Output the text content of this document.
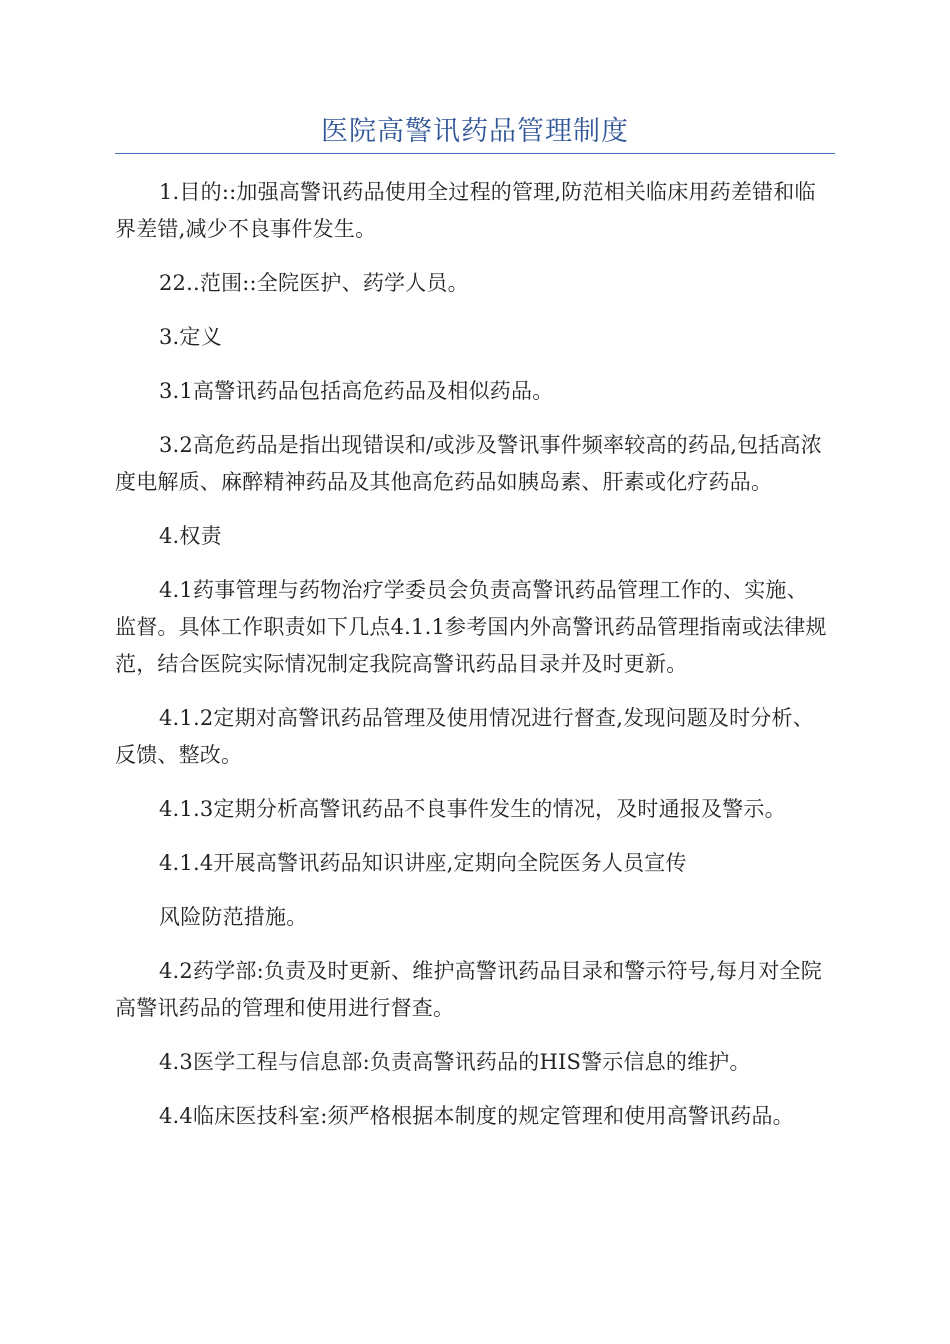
医院高警讯药品管理制度

1.目的::加强高警讯药品使用全过程的管理,防范相关临床用药差错和临界差错,减少不良事件发生。

22..范围::全院医护、药学人员。

3.定义

3.1高警讯药品包括高危药品及相似药品。

3.2高危药品是指出现错误和/或涉及警讯事件频率较高的药品,包括高浓度电解质、麻醉精神药品及其他高危药品如胰岛素、肝素或化疗药品。

4.权责

4.1药事管理与药物治疗学委员会负责高警讯药品管理工作的、实施、监督。具体工作职责如下几点4.1.1参考国内外高警讯药品管理指南或法律规范，结合医院实际情况制定我院高警讯药品目录并及时更新。

4.1.2定期对高警讯药品管理及使用情况进行督查,发现问题及时分析、反馈、整改。

4.1.3定期分析高警讯药品不良事件发生的情况，及时通报及警示。

4.1.4开展高警讯药品知识讲座,定期向全院医务人员宣传

风险防范措施。

4.2药学部:负责及时更新、维护高警讯药品目录和警示符号,每月对全院高警讯药品的管理和使用进行督查。

4.3医学工程与信息部:负责高警讯药品的HIS警示信息的维护。

4.4临床医技科室:须严格根据本制度的规定管理和使用高警讯药品。
